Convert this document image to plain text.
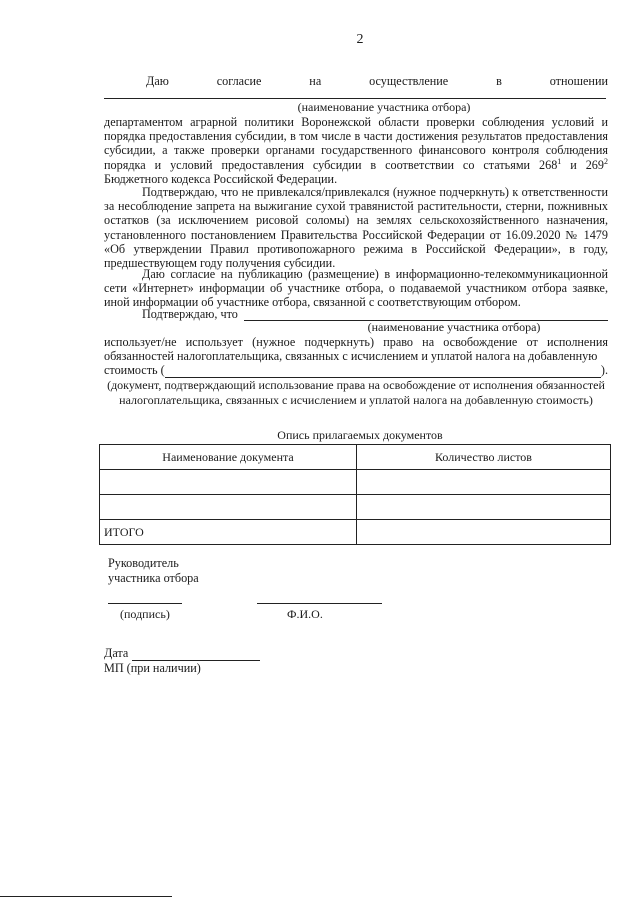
2
Даю	согласие	на	осуществление	в	отношении
(наименование участника отбора)

департаментом аграрной политики Воронежской области проверки соблюдения условий и порядка предоставления субсидии, в том числе в части достижения результатов предоставления субсидии, а также проверки органами государственного финансового контроля соблюдения порядка и условий предоставления субсидии в соответствии со статьями $268^1$ и $269^2$ Бюджетного кодекса Российской Федерации.

Подтверждаю, что не привлекался/привлекался (нужное подчеркнуть) к ответственности за несоблюдение запрета на выжигание сухой травянистой растительности, стерни, пожнивных остатков (за исключением рисовой соломы) на землях сельскохозяйственного назначения, установленного постановлением Правительства Российской Федерации от 16.09.2020 № 1479 «Об утверждении Правил противопожарного режима в Российской Федерации», в году, предшествующем году получения субсидии.

Даю согласие на публикацию (размещение) в информационно-телекоммуникационной сети «Интернет» информации об участнике отбора, о подаваемой участником отбора заявке, иной информации об участнике отбора, связанной с соответствующим отбором.

Подтверждаю, что
(наименование участника отбора)

использует/не использует (нужное подчеркнуть) право на освобождение от исполнения обязанностей налогоплательщика, связанных с исчислением и уплатой налога на добавленную

стоимость (	).
(документ, подтверждающий использование права на освобождение от исполнения обязанностей налогоплательщика, связанных с исчислением и уплатой налога на добавленную стоимость)
Опись прилагаемых документов
Наименование документа	Количество листов

ИТОГО	
Руководитель
участника отбора
(подпись)	Ф.И.О.
Дата
МП (при наличии)
